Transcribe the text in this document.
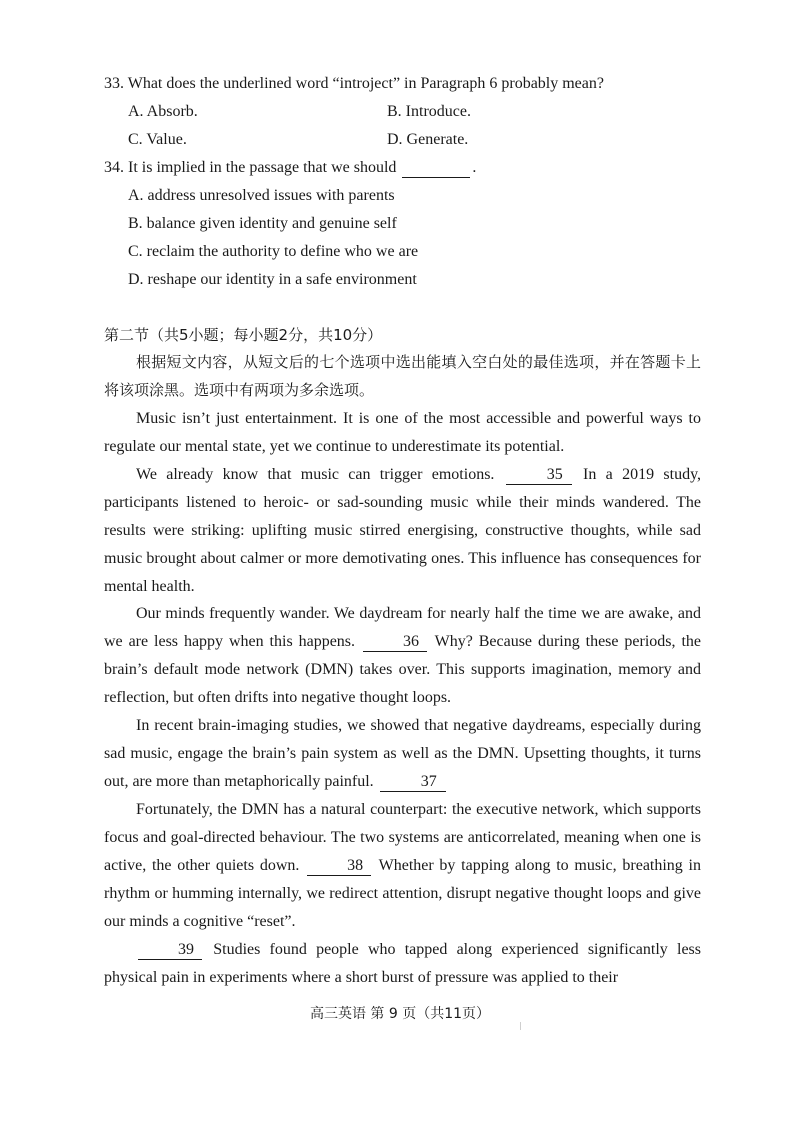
33. What does the underlined word “introject” in Paragraph 6 probably mean?
A. Absorb.	B. Introduce.
C. Value.	D. Generate.
34. It is implied in the passage that we should	.
A. address unresolved issues with parents
B. balance given identity and genuine self
C. reclaim the authority to define who we are
D. reshape our identity in a safe environment
第二节（共5小题；每小题2分，共10分）
根据短文内容，从短文后的七个选项中选出能填入空白处的最佳选项，并在答题卡上将该项涂黑。选项中有两项为多余选项。
Music isn’t just entertainment. It is one of the most accessible and powerful ways to regulate our mental state, yet we continue to underestimate its potential.
We already know that music can trigger emotions.	35 In a 2019 study, participants listened to heroic- or sad-sounding music while their minds wandered. The results were striking: uplifting music stirred energising, constructive thoughts, while sad music brought about calmer or more demotivating ones. This influence has consequences for mental health.
Our minds frequently wander. We daydream for nearly half the time we are awake, and we are less happy when this happens.	36 Why? Because during these periods, the brain’s default mode network (DMN) takes over. This supports imagination, memory and reflection, but often drifts into negative thought loops.
In recent brain-imaging studies, we showed that negative daydreams, especially during sad music, engage the brain’s pain system as well as the DMN. Upsetting thoughts, it turns out, are more than metaphorically painful.	37
Fortunately, the DMN has a natural counterpart: the executive network, which supports focus and goal-directed behaviour. The two systems are anticorrelated, meaning when one is active, the other quiets down.	38 Whether by tapping along to music, breathing in rhythm or humming internally, we redirect attention, disrupt negative thought loops and give our minds a cognitive “reset”.
39 Studies found people who tapped along experienced significantly less physical pain in experiments where a short burst of pressure was applied to their
高三英语 第 9 页（共11页）
